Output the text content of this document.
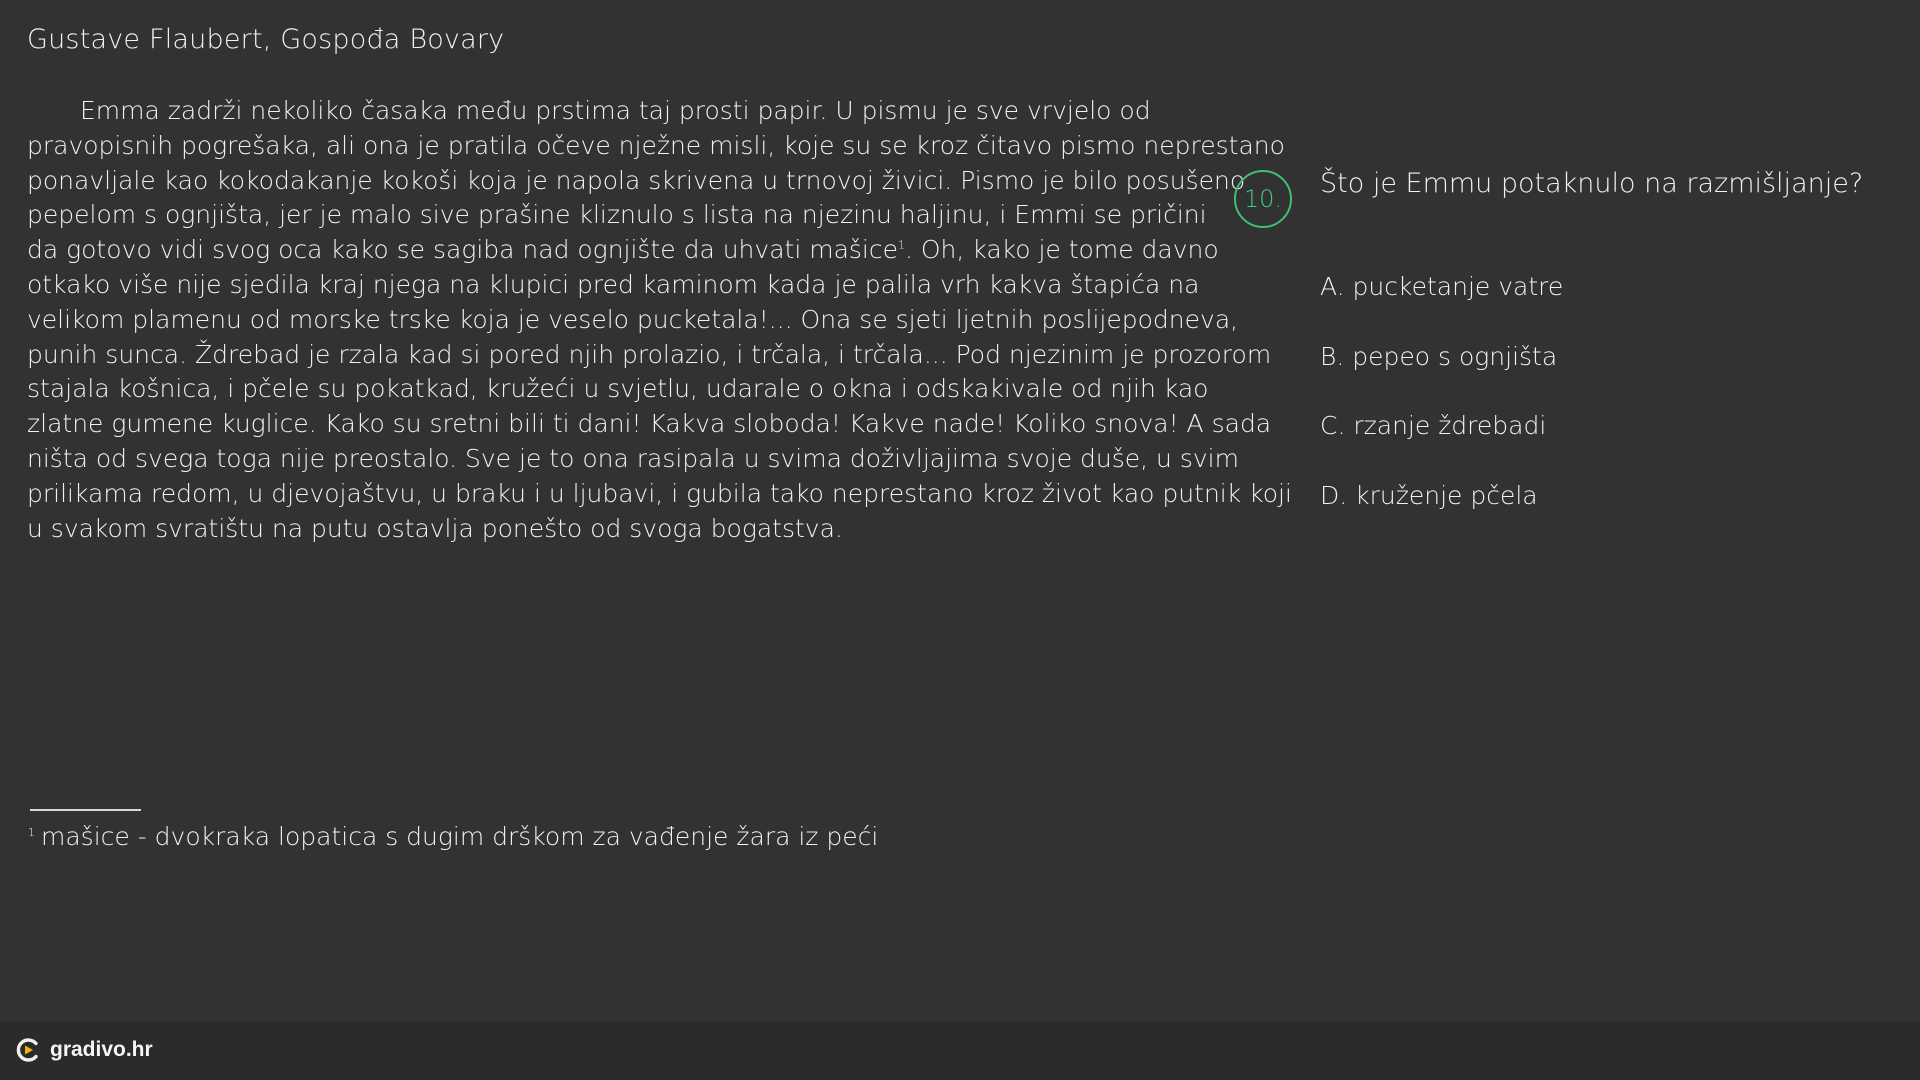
Gustave Flaubert, Gospođa Bovary
Emma zadrži nekoliko časaka među prstima taj prosti papir. U pismu je sve vrvjelo od
pravopisnih pogrešaka, ali ona je pratila očeve nježne misli, koje su se kroz čitavo pismo neprestano
ponavljale kao kokodakanje kokoši koja je napola skrivena u trnovoj živici. Pismo je bilo posušeno
pepelom s ognjišta, jer je malo sive prašine kliznulo s lista na njezinu haljinu, i Emmi se pričini
da gotovo vidi svog oca kako se sagiba nad ognjište da uhvati mašice$^1$. Oh, kako je tome davno
otkako više nije sjedila kraj njega na klupici pred kaminom kada je palila vrh kakva štapića na
velikom plamenu od morske trske koja je veselo pucketala!... Ona se sjeti ljetnih poslijepodneva,
punih sunca. Ždrebad je rzala kad si pored njih prolazio, i trčala, i trčala... Pod njezinim je prozorom
stajala košnica, i pčele su pokatkad, kružeći u svjetlu, udarale o okna i odskakivale od njih kao
zlatne gumene kuglice. Kako su sretni bili ti dani! Kakva sloboda! Kakve nade! Koliko snova! A sada
ništa od svega toga nije preostalo. Sve je to ona rasipala u svima doživljajima svoje duše, u svim
prilikama redom, u djevojaštvu, u braku i u ljubavi, i gubila tako neprestano kroz život kao putnik koji
u svakom svratištu na putu ostavlja ponešto od svoga bogatstva.
10.	Što je Emmu potaknulo na razmišljanje?
A. pucketanje vatre
B. pepeo s ognjišta
C. rzanje ždrebadi
D. kruženje pčela
$^1$ mašice - dvokraka lopatica s dugim drškom za vađenje žara iz peći
gradivo.hr
